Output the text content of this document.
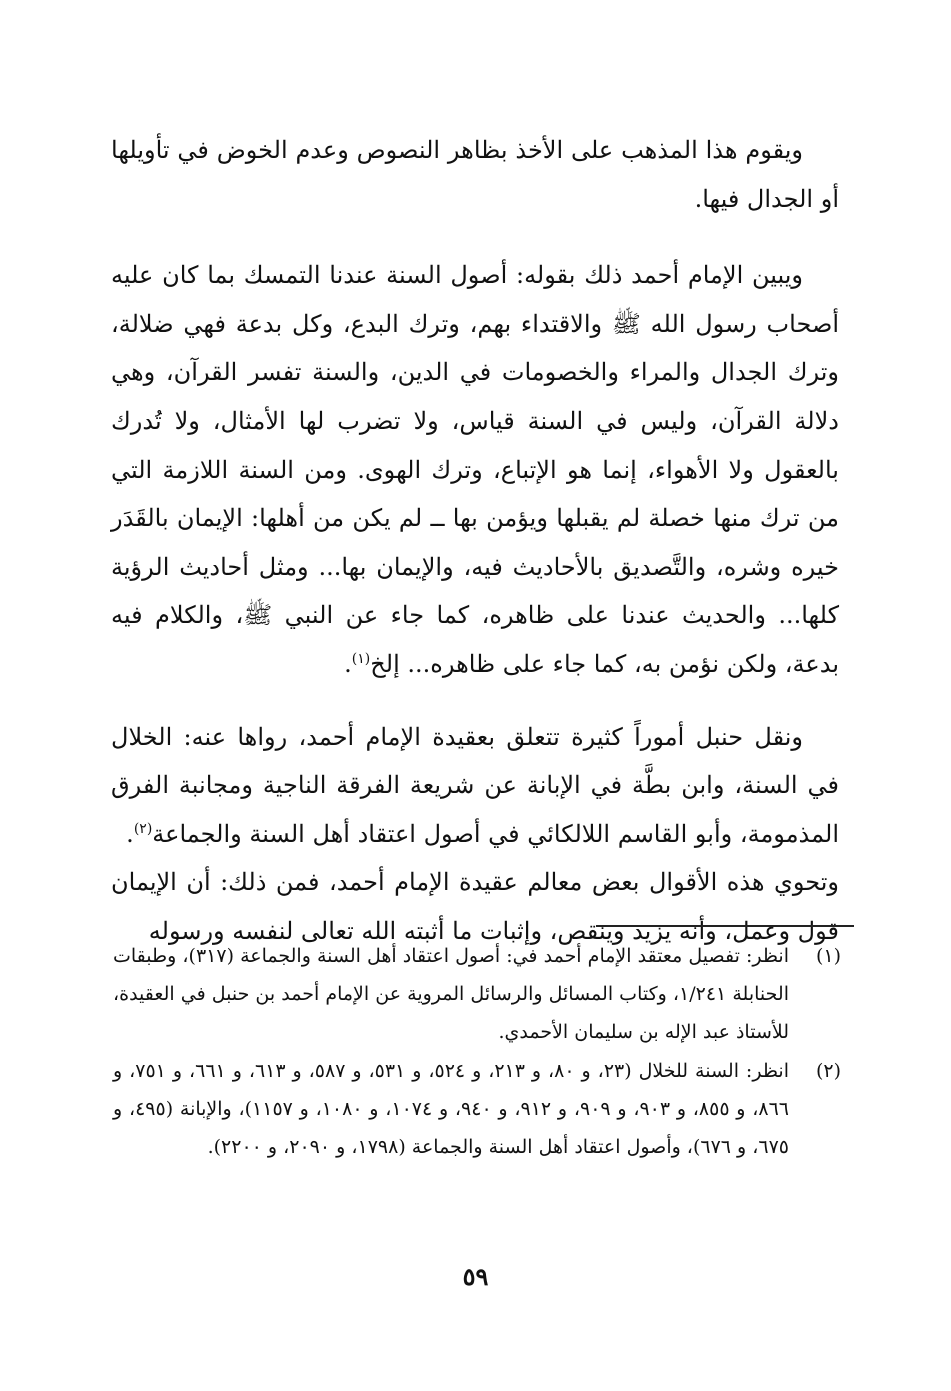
ويقوم هذا المذهب على الأخذ بظاهر النصوص وعدم الخوض في تأويلها أو الجدال فيها.

ويبين الإمام أحمد ذلك بقوله: أصول السنة عندنا التمسك بما كان عليه أصحاب رسول الله ﷺ والاقتداء بهم، وترك البدع، وكل بدعة فهي ضلالة، وترك الجدال والمراء والخصومات في الدين، والسنة تفسر القرآن، وهي دلالة القرآن، وليس في السنة قياس، ولا تضرب لها الأمثال، ولا تُدرك بالعقول ولا الأهواء، إنما هو الإتباع، وترك الهوى. ومن السنة اللازمة التي من ترك منها خصلة لم يقبلها ويؤمن بها ــ لم يكن من أهلها: الإيمان بالقَدَر خيره وشره، والتَّصديق بالأحاديث فيه، والإيمان بها... ومثل أحاديث الرؤية كلها... والحديث عندنا على ظاهره، كما جاء عن النبي ﷺ، والكلام فيه بدعة، ولكن نؤمن به، كما جاء على ظاهره... إلخ$^{(١)}$.

ونقل حنبل أموراً كثيرة تتعلق بعقيدة الإمام أحمد، رواها عنه: الخلال في السنة، وابن بطَّة في الإبانة عن شريعة الفرقة الناجية ومجانبة الفرق المذمومة، وأبو القاسم اللالكائي في أصول اعتقاد أهل السنة والجماعة$^{(٢)}$.

وتحوي هذه الأقوال بعض معالم عقيدة الإمام أحمد، فمن ذلك: أن الإيمان قول وعمل، وأنه يزيد وينقص، وإثبات ما أثبته الله تعالى لنفسه ورسوله

(١)
انظر: تفصيل معتقد الإمام أحمد في: أصول اعتقاد أهل السنة والجماعة (٣١٧)، وطبقات الحنابلة ١/٢٤١، وكتاب المسائل والرسائل المروية عن الإمام أحمد بن حنبل في العقيدة، للأستاذ عبد الإله بن سليمان الأحمدي.
(٢)
انظر: السنة للخلال (٢٣، و ٨٠، و ٢١٣، و ٥٢٤، و ٥٣١، و ٥٨٧، و ٦١٣، و ٦٦١، و ٧٥١، و ٨٦٦، و ٨٥٥، و ٩٠٣، و ٩٠٩، و ٩١٢، و ٩٤٠، و ١٠٧٤، و ١٠٨٠، و ١١٥٧)، والإبانة (٤٩٥، و ٦٧٥، و ٦٧٦)، وأصول اعتقاد أهل السنة والجماعة (١٧٩٨، و ٢٠٩٠، و ٢٢٠٠).
٥٩
